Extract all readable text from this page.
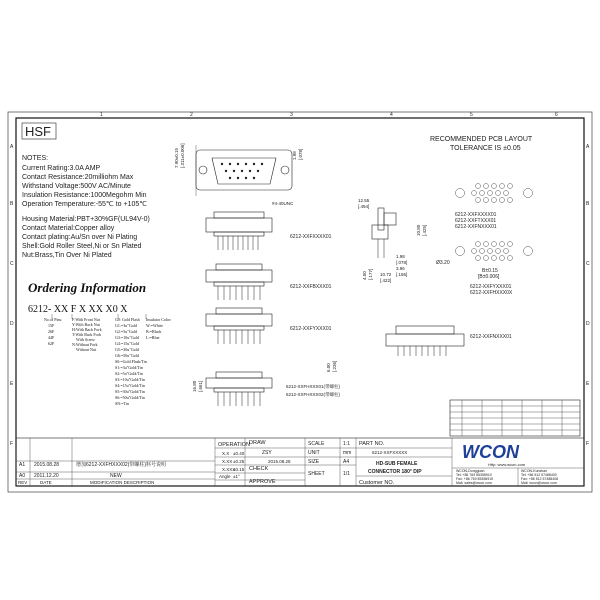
1	2	3	4	5	6
A
B
C
D
E
F
A
B
C
D
E
F
HSF
NOTES:
Current Rating:3.0A AMP
Contact Resistance:20milliohm Max
Withstand Voltage:500V AC/Minute
Insulation Resistance:1000Megohm Min
Operation Temperature:-55℃ to +105℃
Housing Material:PBT+30%GF(UL94V-0)
Contact Material:Copper alloy
Contact plating:Au/Sn over Ni Plating
Shell:Gold Roller Steel,Ni or Sn Plated
Nut:Brass,Tin Over Ni Plated
Ordering Information
6212- XX F X XX X0 X
No.of Pins:
15F
26F
44F
62F
F:With Front Nut
Y:With Back Nut
H:With Back Fork
T:With Back Fork
With Screw
N:Without Fork
Without Nut
G0: Gold Flash
G1:=3u"Gold
G2:=5u"Gold
G3:=10u"Gold
G4:=15u"Gold
G5:=30u"Gold
G6:=50u"Gold
S0:=Gold Flash/Tin
S1:=3u"Gold/Tin
S2:=5u"Gold/Tin
S3:=10u"Gold/Tin
S4:=15u"Gold/Tin
S5:=30u"Gold/Tin
S6:=50u"Gold/Tin
SN:=Tin
Insulator Color:
W:=White
B:=Black
L:=Blue
7.90±0.15 [.311±0.006]	1.98 [.078]
#4-40UNC
6212-XXFXXXX01
12.55
[.494]
4.50 [.177] 10.72
[.422]
1.98
[.078]
3.96
[.156]
10.80 [.425]
6212-XXFBXXX01
6212-XXFYXXX01
6212-XXFNXXX01
16.80 [.661]
6.00 [.236]
6212-XXFHXXX01(带螺柱)
6212-XXFHXXX02(带螺柱)
RECOMMENDED PCB LAYOUT
TOLERANCE IS ±0.05
6212-XXFXXXX01
6212-XXFTXXX01
6212-XXFNXXX01
Ø3.20
B±0.15
[B±0.006]
6212-XXFYXXX01
6212-XXFHXXX0X
A1 2015.08.28	增加6212-XXFHXXX02(带螺柱)料号说明
A0 2011.12.20	NEW
REV	DATE	MODIFICATION DESCRIPTION
OPERATION
X.X ±0.40
X.XX ±0.25
X.XXX
±0.15
Angle ±1°
DRAW
ZSY
2015.08.28
CHECK
APPROVE
SCALE	1:1
UNIT	mm
SIZE	A4
SHEET	1/1
PART NO.
6212-XXFXXXXX
HD-SUB FEMALE
CONNECTOR 180° DIP
Customer NO.
WCON
Http: www.wcon.com
WCON-Dongguan
Tel: +86 769 85358910
Fax: +86 769 85358915
Mail: sales@wcon.com
WCON-Kunshan
Tel: +86 512 57488400
Fax: +86 512 57488408
Mail: wcon@wcon.com
